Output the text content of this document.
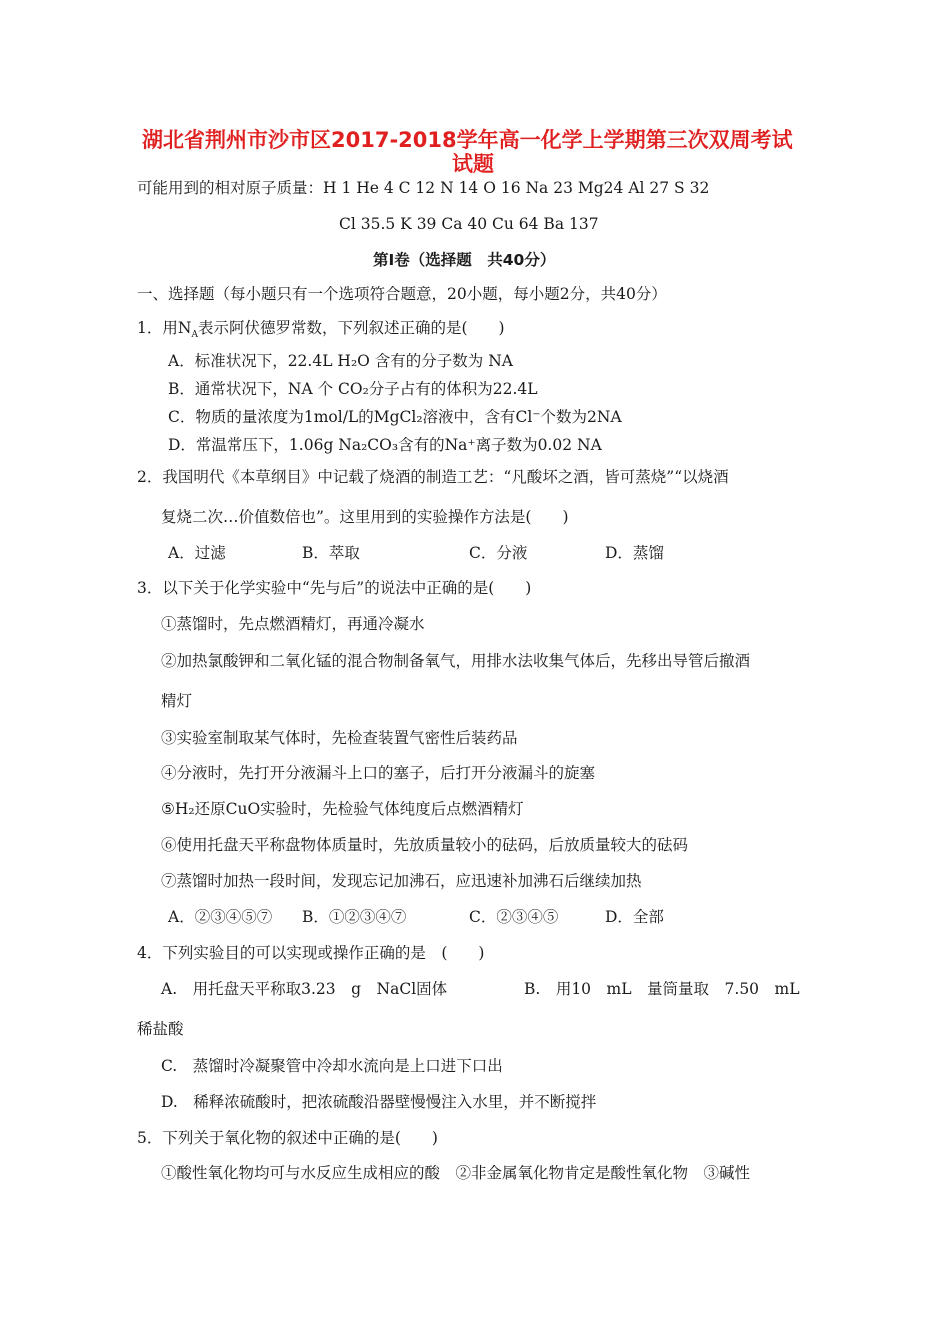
湖北省荆州市沙市区2017-2018学年高一化学上学期第三次双周考试
试题
可能用到的相对原子质量：H 1 He 4 C 12 N 14 O 16 Na 23 Mg24 Al 27 S 32
Cl 35.5 K 39 Ca 40 Cu 64 Ba 137
第Ⅰ卷（选择题　共40分）
一、选择题（每小题只有一个选项符合题意，20小题，每小题2分，共40分）
1．用$N_A$表示阿伏德罗常数，下列叙述正确的是(　　)
A．标准状况下，22.4L H₂O 含有的分子数为 NA
B．通常状况下，NA 个 CO₂分子占有的体积为22.4L
C．物质的量浓度为1mol/L的MgCl₂溶液中，含有Cl⁻个数为2NA
D．常温常压下，1.06g Na₂CO₃含有的Na⁺离子数为0.02 NA
2．我国明代《本草纲目》中记载了烧酒的制造工艺：“凡酸坏之酒，皆可蒸烧”“以烧酒
复烧二次…价值数倍也”。这里用到的实验操作方法是(　　)
A．过滤	B．萃取	C．分液	D．蒸馏
3．以下关于化学实验中“先与后”的说法中正确的是(　　)
①蒸馏时，先点燃酒精灯，再通冷凝水
②加热氯酸钾和二氧化锰的混合物制备氧气，用排水法收集气体后，先移出导管后撤酒
精灯
③实验室制取某气体时，先检查装置气密性后装药品
④分液时，先打开分液漏斗上口的塞子，后打开分液漏斗的旋塞
⑤H₂还原CuO实验时，先检验气体纯度后点燃酒精灯
⑥使用托盘天平称盘物体质量时，先放质量较小的砝码，后放质量较大的砝码
⑦蒸馏时加热一段时间，发现忘记加沸石，应迅速补加沸石后继续加热
A．②③④⑤⑦ B．①②③④⑦	C．②③④⑤	D．全部
4．下列实验目的可以实现或操作正确的是　(　　)
A.　用托盘天平称取3.23　g　NaCl固体	B.　用10　mL　量筒量取　7.50　mL
稀盐酸
C.　蒸馏时冷凝聚管中冷却水流向是上口进下口出
D.　稀释浓硫酸时，把浓硫酸沿器壁慢慢注入水里，并不断搅拌
5．下列关于氧化物的叙述中正确的是(　　)
①酸性氧化物均可与水反应生成相应的酸　②非金属氧化物肯定是酸性氧化物　③碱性
